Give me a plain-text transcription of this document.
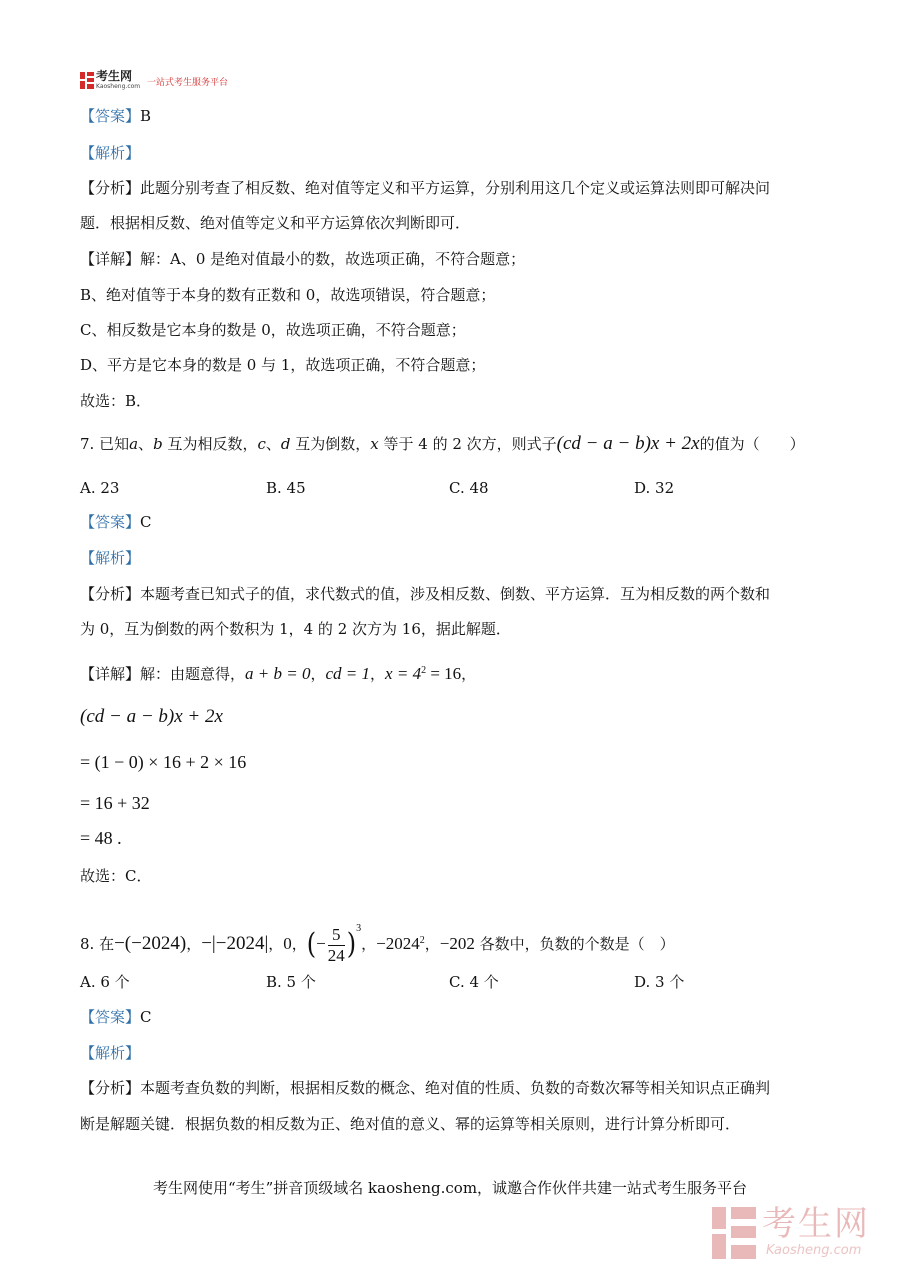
考生网
Kaosheng.com 一站式考生服务平台
【答案】B
【解析】
【分析】此题分别考查了相反数、绝对值等定义和平方运算，分别利用这几个定义或运算法则即可解决问
题．根据相反数、绝对值等定义和平方运算依次判断即可．
【详解】解：A、0 是绝对值最小的数，故选项正确，不符合题意；
B、绝对值等于本身的数有正数和 0，故选项错误，符合题意；
C、相反数是它本身的数是 0，故选项正确，不符合题意；
D、平方是它本身的数是 0 与 1，故选项正确，不符合题意；
故选：B．
7. 已知a、b 互为相反数，c、d 互为倒数，x 等于 4 的 2 次方，则式子(cd − a − b)x + 2x的值为（　　）
A. 23	B. 45	C. 48	D. 32
【答案】C
【解析】
【分析】本题考查已知式子的值，求代数式的值，涉及相反数、倒数、平方运算．互为相反数的两个数和
为 0，互为倒数的两个数积为 1，4 的 2 次方为 16，据此解题．
【详解】解：由题意得，a + b = 0，cd = 1，$x = 4^2 = 16$，
(cd − a − b)x + 2x
= (1 − 0) × 16 + 2 × 16
= 16 + 32
= 48 .
故选：C．
8. 在−(−2024)，−|−2024|，0，(− $\frac{5}{24} )^3$，$-2024^2$，−202 各数中，负数的个数是（　）
A. 6 个	B. 5 个	C. 4 个	D. 3 个
【答案】C
【解析】
【分析】本题考查负数的判断，根据相反数的概念、绝对值的性质、负数的奇数次幂等相关知识点正确判
断是解题关键．根据负数的相反数为正、绝对值的意义、幂的运算等相关原则，进行计算分析即可．
考生网使用“考生”拼音顶级域名 kaosheng.com，诚邀合作伙伴共建一站式考生服务平台
考生网
Kaosheng.com
